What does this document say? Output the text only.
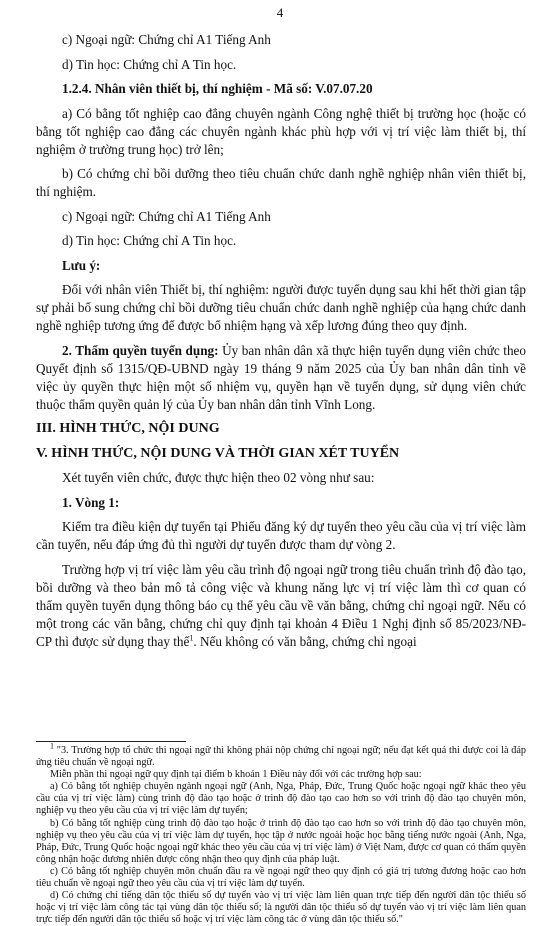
4

c) Ngoại ngữ: Chứng chỉ A1 Tiếng Anh

d) Tin học: Chứng chỉ A Tin học.

1.2.4. Nhân viên thiết bị, thí nghiệm - Mã số: V.07.07.20

a) Có bằng tốt nghiệp cao đẳng chuyên ngành Công nghệ thiết bị trường học (hoặc có bằng tốt nghiệp cao đẳng các chuyên ngành khác phù hợp với vị trí việc làm thiết bị, thí nghiệm ở trường trung học) trở lên;

b) Có chứng chỉ bồi dưỡng theo tiêu chuẩn chức danh nghề nghiệp nhân viên thiết bị, thí nghiệm.

c) Ngoại ngữ: Chứng chỉ A1 Tiếng Anh

d) Tin học: Chứng chỉ A Tin học.

Lưu ý:

Đối với nhân viên Thiết bị, thí nghiệm: người được tuyển dụng sau khi hết thời gian tập sự phải bổ sung chứng chỉ bồi dưỡng tiêu chuẩn chức danh nghề nghiệp của hạng chức danh nghề nghiệp tương ứng để được bổ nhiệm hạng và xếp lương đúng theo quy định.

2. Thẩm quyền tuyển dụng: Ủy ban nhân dân xã thực hiện tuyển dụng viên chức theo Quyết định số 1315/QĐ-UBND ngày 19 tháng 9 năm 2025 của Ủy ban nhân dân tỉnh về việc ủy quyền thực hiện một số nhiệm vụ, quyền hạn về tuyển dụng, sử dụng viên chức thuộc thẩm quyền quản lý của Ủy ban nhân dân tỉnh Vĩnh Long.

III. HÌNH THỨC, NỘI DUNG

V. HÌNH THỨC, NỘI DUNG VÀ THỜI GIAN XÉT TUYỂN

Xét tuyển viên chức, được thực hiện theo 02 vòng như sau:

1. Vòng 1:

Kiểm tra điều kiện dự tuyển tại Phiếu đăng ký dự tuyển theo yêu cầu của vị trí việc làm cần tuyển, nếu đáp ứng đủ thì người dự tuyển được tham dự vòng 2.

Trường hợp vị trí việc làm yêu cầu trình độ ngoại ngữ trong tiêu chuẩn trình độ đào tạo, bồi dưỡng và theo bản mô tả công việc và khung năng lực vị trí việc làm thì cơ quan có thẩm quyền tuyển dụng thông báo cụ thể yêu cầu về văn bằng, chứng chỉ ngoại ngữ. Nếu có một trong các văn bằng, chứng chỉ quy định tại khoản 4 Điều 1 Nghị định số 85/2023/NĐ-CP thì được sử dụng thay thế$^1$. Nếu không có văn bằng, chứng chỉ ngoại

$^1$ "3. Trường hợp tổ chức thi ngoại ngữ thì không phải nộp chứng chỉ ngoại ngữ; nếu đạt kết quả thi được coi là đáp ứng tiêu chuẩn về ngoại ngữ.

Miễn phần thi ngoại ngữ quy định tại điểm b khoản 1 Điều này đối với các trường hợp sau:

a) Có bằng tốt nghiệp chuyên ngành ngoại ngữ (Anh, Nga, Pháp, Đức, Trung Quốc hoặc ngoại ngữ khác theo yêu cầu của vị trí việc làm) cùng trình độ đào tạo hoặc ở trình độ đào tạo cao hơn so với trình độ đào tạo chuyên môn, nghiệp vụ theo yêu cầu của vị trí việc làm dự tuyển;

b) Có bằng tốt nghiệp cùng trình độ đào tạo hoặc ở trình độ đào tạo cao hơn so với trình độ đào tạo chuyên môn, nghiệp vụ theo yêu cầu của vị trí việc làm dự tuyển, học tập ở nước ngoài hoặc học bằng tiếng nước ngoài (Anh, Nga, Pháp, Đức, Trung Quốc hoặc ngoại ngữ khác theo yêu cầu của vị trí việc làm) ở Việt Nam, được cơ quan có thẩm quyền công nhận hoặc đương nhiên được công nhận theo quy định của pháp luật.

c) Có bằng tốt nghiệp chuyên môn chuẩn đầu ra về ngoại ngữ theo quy định có giá trị tương đương hoặc cao hơn tiêu chuẩn về ngoại ngữ theo yêu cầu của vị trí việc làm dự tuyển.

d) Có chứng chỉ tiếng dân tộc thiểu số dự tuyển vào vị trí việc làm liên quan trực tiếp đến người dân tộc thiểu số hoặc vị trí việc làm công tác tại vùng dân tộc thiểu số; là người dân tộc thiểu số dự tuyển vào vị trí việc làm liên quan trực tiếp đến người dân tộc thiểu số hoặc vị trí việc làm công tác ở vùng dân tộc thiểu số."
